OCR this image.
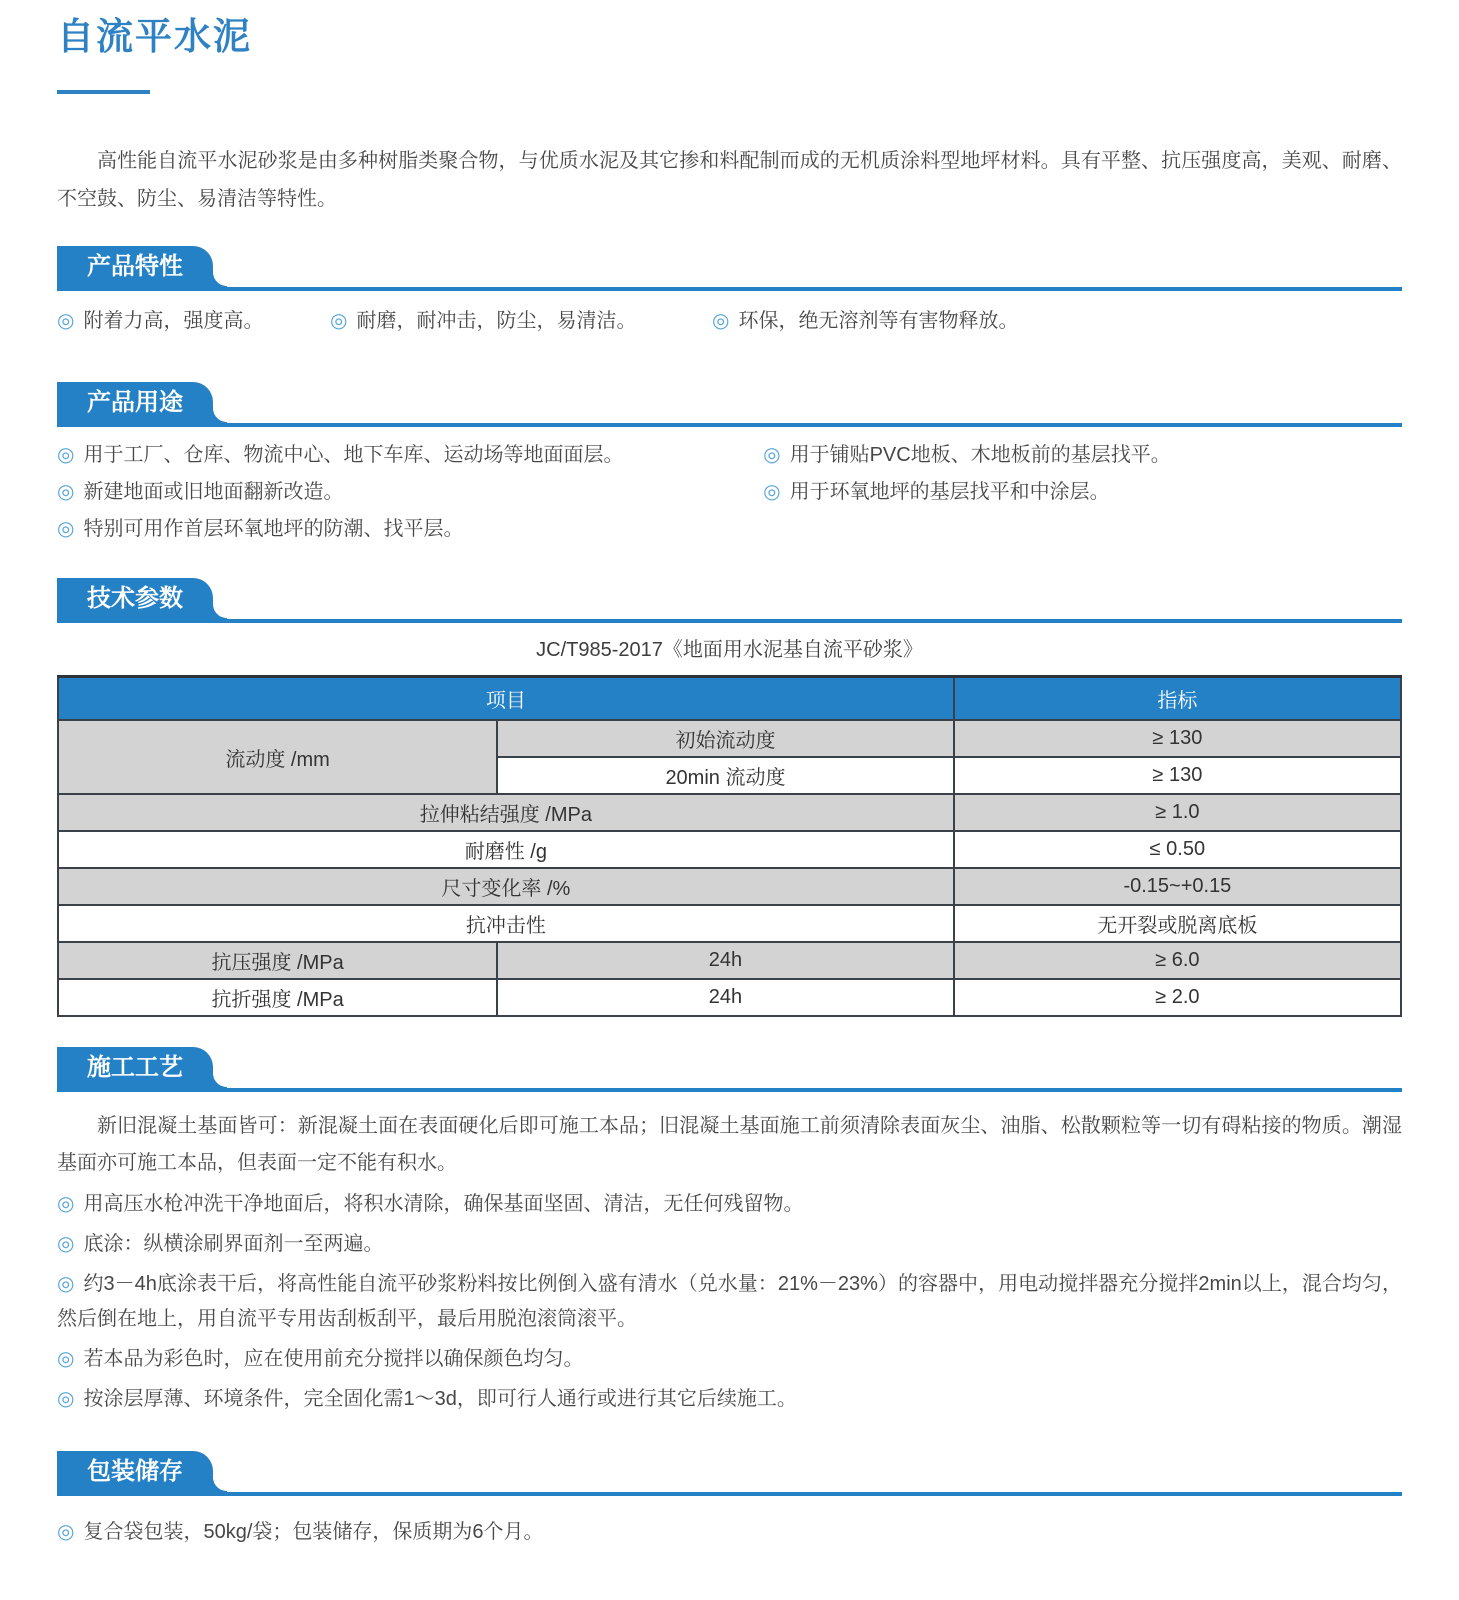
自流平水泥

高性能自流平水泥砂浆是由多种树脂类聚合物，与优质水泥及其它掺和料配制而成的无机质涂料型地坪材料。具有平整、抗压强度高，美观、耐磨、不空鼓、防尘、易清洁等特性。

产品特性

◎ 附着力高，强度高。	◎ 耐磨，耐冲击，防尘，易清洁。	◎ 环保，绝无溶剂等有害物释放。

产品用途

◎ 用于工厂、仓库、物流中心、地下车库、运动场等地面面层。

◎ 新建地面或旧地面翻新改造。

◎ 特别可用作首层环氧地坪的防潮、找平层。

◎ 用于铺贴PVC地板、木地板前的基层找平。

◎ 用于环氧地坪的基层找平和中涂层。

技术参数
JC/T985-2017《地面用水泥基自流平砂浆》
项目		指标
流动度 /mm	初始流动度	≥ 130
	20min 流动度	≥ 130
拉伸粘结强度 /MPa		≥ 1.0
耐磨性 /g		≤ 0.50
尺寸变化率 /%		-0.15~+0.15
抗冲击性		无开裂或脱离底板
抗压强度 /MPa	24h	≥ 6.0
抗折强度 /MPa	24h	≥ 2.0
施工工艺

新旧混凝土基面皆可：新混凝土面在表面硬化后即可施工本品；旧混凝土基面施工前须清除表面灰尘、油脂、松散颗粒等一切有碍粘接的物质。潮湿基面亦可施工本品，但表面一定不能有积水。

◎ 用高压水枪冲洗干净地面后，将积水清除，确保基面坚固、清洁，无任何残留物。

◎ 底涂：纵横涂刷界面剂一至两遍。

◎ 约3－4h底涂表干后，将高性能自流平砂浆粉料按比例倒入盛有清水（兑水量：21%－23%）的容器中，用电动搅拌器充分搅拌2min以上，混合均匀，然后倒在地上，用自流平专用齿刮板刮平，最后用脱泡滚筒滚平。

◎ 若本品为彩色时，应在使用前充分搅拌以确保颜色均匀。

◎ 按涂层厚薄、环境条件，完全固化需1～3d，即可行人通行或进行其它后续施工。

包装储存

◎ 复合袋包装，50kg/袋；包装储存，保质期为6个月。
